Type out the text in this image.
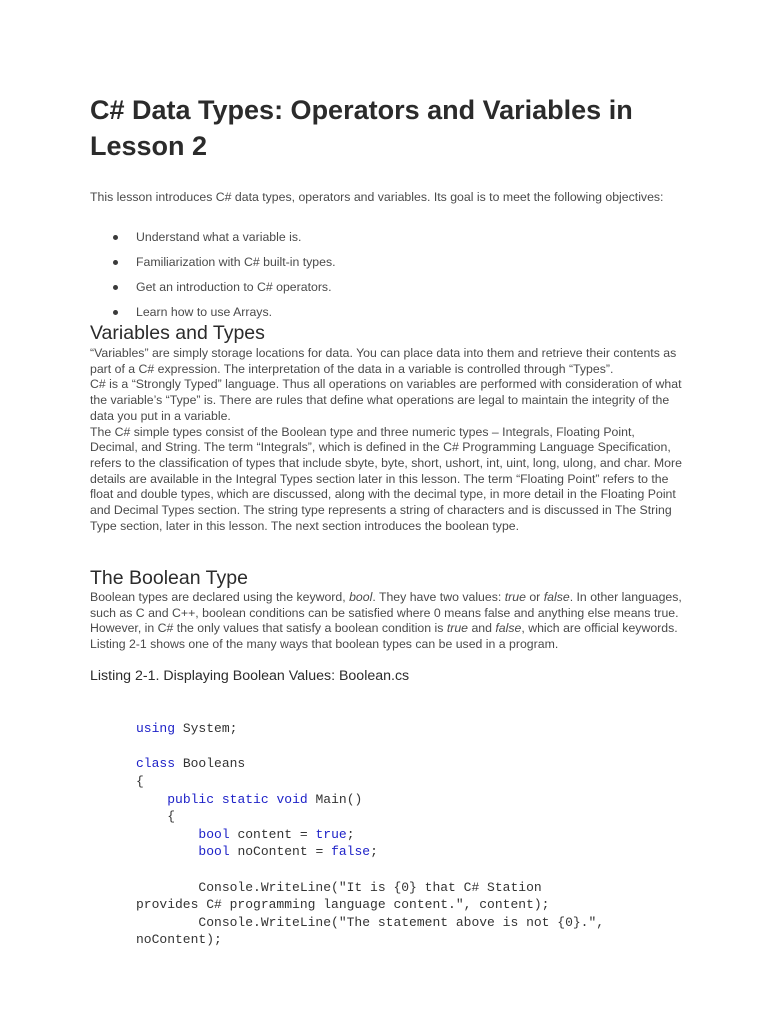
C# Data Types: Operators and Variables in Lesson 2

This lesson introduces C# data types, operators and variables. Its goal is to meet the following objectives:

Understand what a variable is.
Familiarization with C# built-in types.
Get an introduction to C# operators.
Learn how to use Arrays.
Variables and Types

“Variables” are simply storage locations for data. You can place data into them and retrieve their contents as part of a C# expression. The interpretation of the data in a variable is controlled through “Types”.

C# is a “Strongly Typed” language. Thus all operations on variables are performed with consideration of what the variable’s “Type” is. There are rules that define what operations are legal to maintain the integrity of the data you put in a variable.

The C# simple types consist of the Boolean type and three numeric types – Integrals, Floating Point, Decimal, and String. The term “Integrals”, which is defined in the C# Programming Language Specification, refers to the classification of types that include sbyte, byte, short, ushort, int, uint, long, ulong, and char. More details are available in the Integral Types section later in this lesson. The term “Floating Point” refers to the float and double types, which are discussed, along with the decimal type, in more detail in the Floating Point and Decimal Types section. The string type represents a string of characters and is discussed in The String Type section, later in this lesson. The next section introduces the boolean type.

The Boolean Type

Boolean types are declared using the keyword, bool. They have two values: true or false. In other languages, such as C and C++, boolean conditions can be satisfied where 0 means false and anything else means true. However, in C# the only values that satisfy a boolean condition is true and false, which are official keywords. Listing 2-1 shows one of the many ways that boolean types can be used in a program.

Listing 2-1. Displaying Boolean Values: Boolean.cs

using System;

class Booleans
{
public static void Main()
{
bool content = true;
bool noContent = false;

Console.WriteLine("It is {0} that C# Station
provides C# programming language content.", content);
Console.WriteLine("The statement above is not {0}.",
noContent);
